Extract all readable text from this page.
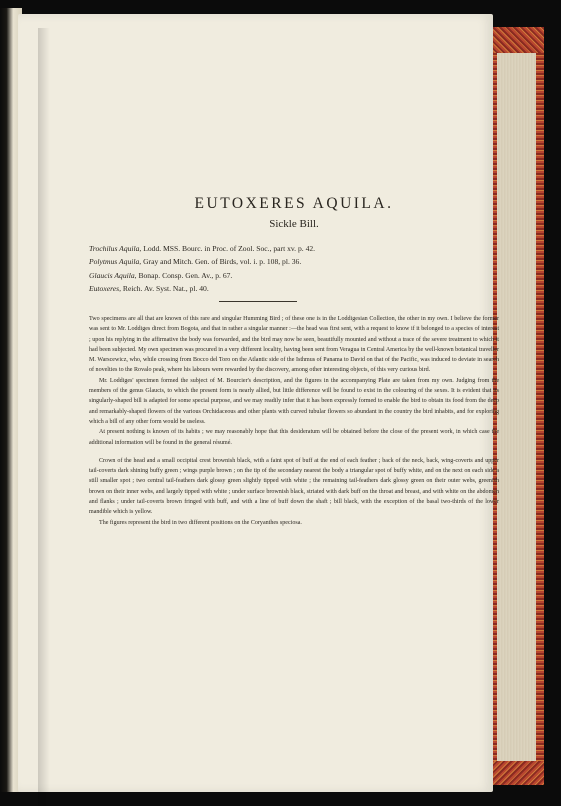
EUTOXERES AQUILA.
Sickle Bill.
Trochilus Aquila, Lodd. MSS. Bourc. in Proc. of Zool. Soc., part xv. p. 42.
Polytmus Aquila, Gray and Mitch. Gen. of Birds, vol. i. p. 108, pl. 36.
Glaucis Aquila, Bonap. Consp. Gen. Av., p. 67.
Eutoxeres, Reich. Av. Syst. Nat., pl. 40.

Two specimens are all that are known of this rare and singular Humming Bird ; of these one is in the Loddigesian Collection, the other in my own. I believe the former was sent to Mr. Loddiges direct from Bogota, and that in rather a singular manner :—the head was first sent, with a request to know if it belonged to a species of interest ; upon his replying in the affirmative the body was forwarded, and the bird may now be seen, beautifully mounted and without a trace of the severe treatment to which it had been subjected. My own specimen was procured in a very different locality, having been sent from Veragua in Central America by the well-known botanical traveller M. Warscewicz, who, while crossing from Bocco del Toro on the Atlantic side of the Isthmus of Panama to David on that of the Pacific, was induced to deviate in search of novelties to the Rovalo peak, where his labours were rewarded by the discovery, among other interesting objects, of this very curious bird.

Mr. Loddiges' specimen formed the subject of M. Bourcier's description, and the figures in the accompanying Plate are taken from my own. Judging from the members of the genus Glaucis, to which the present form is nearly allied, but little difference will be found to exist in the colouring of the sexes. It is evident that its singularly-shaped bill is adapted for some special purpose, and we may readily infer that it has been expressly formed to enable the bird to obtain its food from the deep and remarkably-shaped flowers of the various Orchidaceous and other plants with curved tubular flowers so abundant in the country the bird inhabits, and for exploring which a bill of any other form would be useless.

At present nothing is known of its habits ; we may reasonably hope that this desideratum will be obtained before the close of the present work, in which case the additional information will be found in the general résumé.

Crown of the head and a small occipital crest brownish black, with a faint spot of buff at the end of each feather ; back of the neck, back, wing-coverts and upper tail-coverts dark shining buffy green ; wings purple brown ; on the tip of the secondary nearest the body a triangular spot of buffy white, and on the next on each side a still smaller spot ; two central tail-feathers dark glossy green slightly tipped with white ; the remaining tail-feathers dark glossy green on their outer webs, greenish brown on their inner webs, and largely tipped with white ; under surface brownish black, striated with dark buff on the throat and breast, and with white on the abdomen and flanks ; under tail-coverts brown fringed with buff, and with a line of buff down the shaft ; bill black, with the exception of the basal two-thirds of the lower mandible which is yellow.

The figures represent the bird in two different positions on the Coryanthes speciosa.
